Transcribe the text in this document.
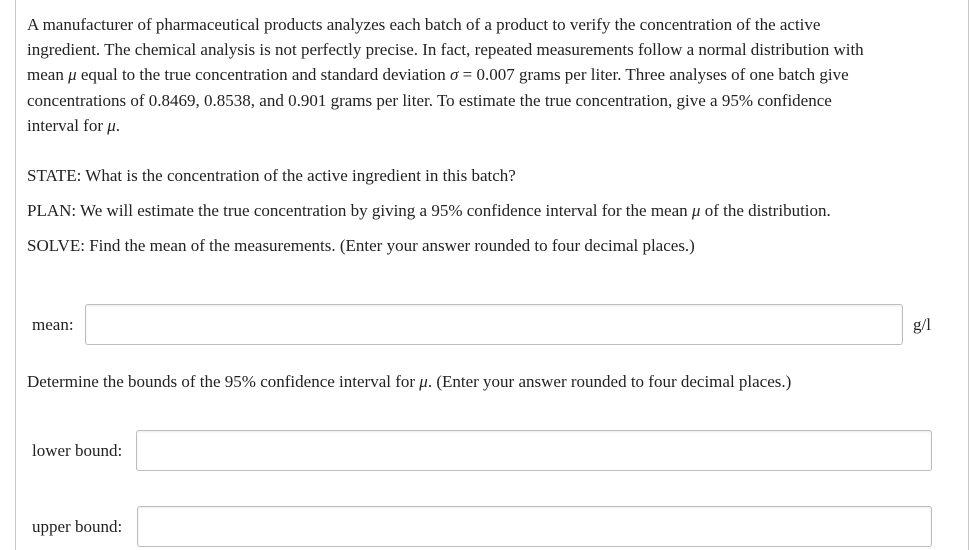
A manufacturer of pharmaceutical products analyzes each batch of a product to verify the concentration of the active
ingredient. The chemical analysis is not perfectly precise. In fact, repeated measurements follow a normal distribution with
mean μ equal to the true concentration and standard deviation σ = 0.007 grams per liter. Three analyses of one batch give
concentrations of 0.8469, 0.8538, and 0.901 grams per liter. To estimate the true concentration, give a 95% confidence
interval for μ.
STATE: What is the concentration of the active ingredient in this batch?
PLAN: We will estimate the true concentration by giving a 95% confidence interval for the mean μ of the distribution.
SOLVE: Find the mean of the measurements. (Enter your answer rounded to four decimal places.)
mean:	g/l
Determine the bounds of the 95% confidence interval for μ. (Enter your answer rounded to four decimal places.)
lower bound:
upper bound:
